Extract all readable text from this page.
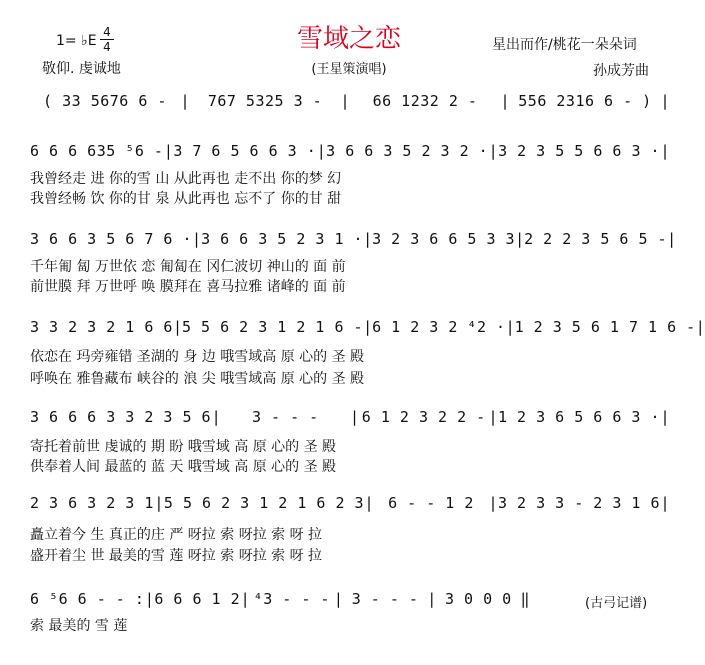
雪域之恋
1= ♭E
4
4
敬仰. 虔诚地	(王星策演唱)
星出而作/桃花一朵朵词
孙成芳曲
( 33 5676 6 - |	767 5325 3 -	|	66 1232 2 -	| 556 2316 6 - ) |
6 6 6 635 ⁵6 - | 3 7 6 5 6 6 3 · | 3 6 6 3 5 2 3 2 · | 3 2 3 5 5 6 6 3 · |
我曾经走 进 你的雪 山 从此再也 走不出 你的梦 幻
我曾经畅 饮 你的甘 泉 从此再也 忘不了 你的甘 甜
3 6 6 3 5 6 7 6 · | 3 6 6 3 5 2 3 1 · | 3 2 3 6 6 5 3 3 | 2 2 2 3 5 6 5 - |
千年匍 匐 万世依 恋 匍匐在 冈仁波切 神山的 面 前
前世膜 拜 万世呼 唤 膜拜在 喜马拉雅 诸峰的 面 前
3 3 2 3 2 1 6 6 | 5 5 6 2 3 1 2 1 6 - | 6 1 2 3 2 ⁴2 · | 1 2 3 5 6 1 7 1 6 - |
依恋在 玛旁雍错 圣湖的 身 边 哦雪域高 原 心的 圣 殿
呼唤在 雅鲁藏布 峡谷的 浪 尖 哦雪域高 原 心的 圣 殿
3 6 6 6 3 3 2 3 5 6 |	3 - - -	| 6 1 2 3 2 2 - | 1 2 3 6 5 6 6 3 · |
寄托着前世 虔诚的 期 盼 哦雪域 高 原 心的 圣 殿
供奉着人间 最蓝的 蓝 天 哦雪域 高 原 心的 圣 殿
2 3 6 3 2 3 1 | 5 5 6 2 3 1 2 1 6 2 3 | 6 - - 1 2 | 3 2 3 3 - 2 3 1 6 |
矗立着今 生 真正的庄 严 呀拉 索 呀拉 索 呀 拉
盛开着尘 世 最美的雪 莲 呀拉 索 呀拉 索 呀 拉
6 ⁵6 6 - - : | 6 6 6 1 2 | ⁴3 - - - | 3 - - - | 3 0 0 0 ‖
索 最美的 雪 莲
(古弓记谱)
